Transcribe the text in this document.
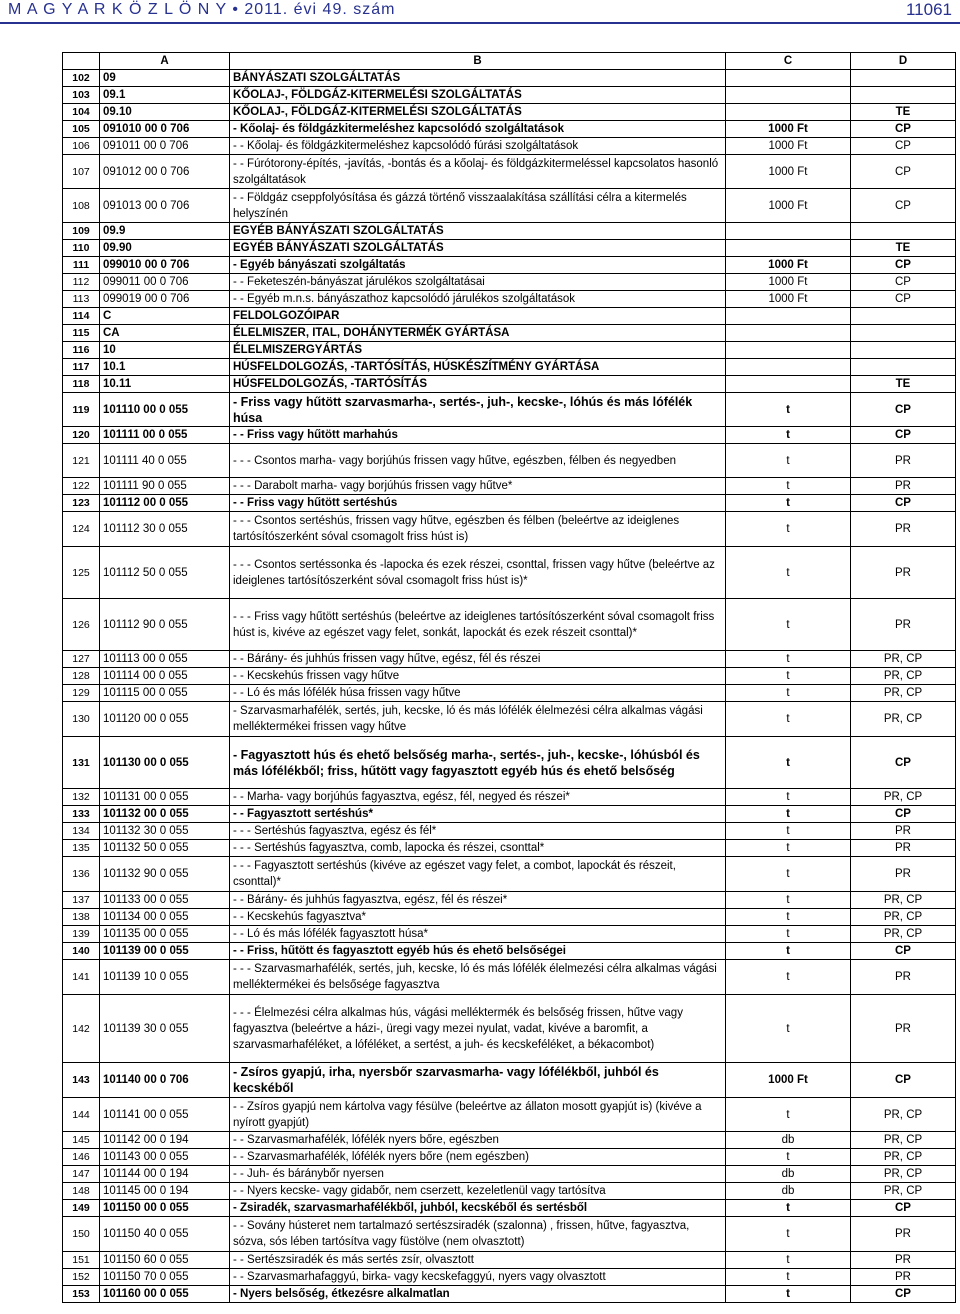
M A G Y A R K Ö Z L Ö N Y • 2011. évi 49. szám	11061
	A	B	C	D
102	09	BÁNYÁSZATI SZOLGÁLTATÁS		
103	09.1	KŐOLAJ-, FÖLDGÁZ-KITERMELÉSI SZOLGÁLTATÁS		
104	09.10	KŐOLAJ-, FÖLDGÁZ-KITERMELÉSI SZOLGÁLTATÁS		TE
105	091010 00 0 706	- Kőolaj- és földgázkitermeléshez kapcsolódó szolgáltatások	1000 Ft	CP
106	091011 00 0 706	- - Kőolaj- és földgázkitermeléshez kapcsolódó fúrási szolgáltatások	1000 Ft	CP
107	091012 00 0 706	- - Fúrótorony-építés, -javítás, -bontás és a kőolaj- és földgázkitermeléssel kapcsolatos hasonló szolgáltatások	1000 Ft	CP
108	091013 00 0 706	- - Földgáz cseppfolyósítása és gázzá történő visszaalakítása szállítási célra a kitermelés helyszínén	1000 Ft	CP
109	09.9	EGYÉB BÁNYÁSZATI SZOLGÁLTATÁS		
110	09.90	EGYÉB BÁNYÁSZATI SZOLGÁLTATÁS		TE
111	099010 00 0 706	- Egyéb bányászati szolgáltatás	1000 Ft	CP
112	099011 00 0 706	- - Feketeszén-bányászat járulékos szolgáltatásai	1000 Ft	CP
113	099019 00 0 706	- - Egyéb m.n.s. bányászathoz kapcsolódó járulékos szolgáltatások	1000 Ft	CP
114	C	FELDOLGOZÓIPAR		
115	CA	ÉLELMISZER, ITAL, DOHÁNYTERMÉK GYÁRTÁSA		
116	10	ÉLELMISZERGYÁRTÁS		
117	10.1	HÚSFELDOLGOZÁS, -TARTÓSÍTÁS, HÚSKÉSZÍTMÉNY GYÁRTÁSA		
118	10.11	HÚSFELDOLGOZÁS, -TARTÓSÍTÁS		TE
119	101110 00 0 055	- Friss vagy hűtött szarvasmarha-, sertés-, juh-, kecske-, lóhús és más lófélék húsa	t	CP
120	101111 00 0 055	- - Friss vagy hűtött marhahús	t	CP
121	101111 40 0 055	- - - Csontos marha- vagy borjúhús frissen vagy hűtve, egészben, félben és negyedben	t	PR
122	101111 90 0 055	- - - Darabolt marha- vagy borjúhús frissen vagy hűtve*	t	PR
123	101112 00 0 055	- - Friss vagy hűtött sertéshús	t	CP
124	101112 30 0 055	- - - Csontos sertéshús, frissen vagy hűtve, egészben és félben (beleértve az ideiglenes tartósítószerként sóval csomagolt friss húst is)	t	PR
125	101112 50 0 055	- - - Csontos sertéssonka és -lapocka és ezek részei, csonttal, frissen vagy hűtve (beleértve az ideiglenes tartósítószerként sóval csomagolt friss húst is)*	t	PR
126	101112 90 0 055	- - - Friss vagy hűtött sertéshús (beleértve az ideiglenes tartósítószerként sóval csomagolt friss húst is, kivéve az egészet vagy felet, sonkát, lapockát és ezek részeit csonttal)*	t	PR
127	101113 00 0 055	- - Bárány- és juhhús frissen vagy hűtve, egész, fél és részei	t	PR, CP
128	101114 00 0 055	- - Kecskehús frissen vagy hűtve	t	PR, CP
129	101115 00 0 055	- - Ló és más lófélék húsa frissen vagy hűtve	t	PR, CP
130	101120 00 0 055	- Szarvasmarhafélék, sertés, juh, kecske, ló és más lófélék élelmezési célra alkalmas vágási melléktermékei frissen vagy hűtve	t	PR, CP
131	101130 00 0 055	- Fagyasztott hús és ehető belsőség marha-, sertés-, juh-, kecske-, lóhúsból és más lófélékből; friss, hűtött vagy fagyasztott egyéb hús és ehető belsőség	t	CP
132	101131 00 0 055	- - Marha- vagy borjúhús fagyasztva, egész, fél, negyed és részei*	t	PR, CP
133	101132 00 0 055	- - Fagyasztott sertéshús*	t	CP
134	101132 30 0 055	- - - Sertéshús fagyasztva, egész és fél*	t	PR
135	101132 50 0 055	- - - Sertéshús fagyasztva, comb, lapocka és részei, csonttal*	t	PR
136	101132 90 0 055	- - - Fagyasztott sertéshús (kivéve az egészet vagy felet, a combot, lapockát és részeit, csonttal)*	t	PR
137	101133 00 0 055	- - Bárány- és juhhús fagyasztva, egész, fél és részei*	t	PR, CP
138	101134 00 0 055	- - Kecskehús fagyasztva*	t	PR, CP
139	101135 00 0 055	- - Ló és más lófélék fagyasztott húsa*	t	PR, CP
140	101139 00 0 055	- - Friss, hűtött és fagyasztott egyéb hús és ehető belsőségei	t	CP
141	101139 10 0 055	- - - Szarvasmarhafélék, sertés, juh, kecske, ló és más lófélék élelmezési célra alkalmas vágási melléktermékei és belsősége fagyasztva	t	PR
142	101139 30 0 055	- - - Élelmezési célra alkalmas hús, vágási melléktermék és belsőség frissen, hűtve vagy fagyasztva (beleértve a házi-, üregi vagy mezei nyulat, vadat, kivéve a baromfit, a szarvasmarhaféléket, a lóféléket, a sertést, a juh- és kecskeféléket, a békacombot)	t	PR
143	101140 00 0 706	- Zsíros gyapjú, irha, nyersbőr szarvasmarha- vagy lófélékből, juhból és kecskéből	1000 Ft	CP
144	101141 00 0 055	- - Zsíros gyapjú nem kártolva vagy fésülve (beleértve az állaton mosott gyapjút is) (kivéve a nyírott gyapjút)	t	PR, CP
145	101142 00 0 194	- - Szarvasmarhafélék, lófélék nyers bőre, egészben	db	PR, CP
146	101143 00 0 055	- - Szarvasmarhafélék, lófélék nyers bőre (nem egészben)	t	PR, CP
147	101144 00 0 194	- - Juh- és báránybőr nyersen	db	PR, CP
148	101145 00 0 194	- - Nyers kecske- vagy gidabőr, nem cserzett, kezeletlenül vagy tartósítva	db	PR, CP
149	101150 00 0 055	- Zsiradék, szarvasmarhafélékből, juhból, kecskéből és sertésből	t	CP
150	101150 40 0 055	- - Sovány hústeret nem tartalmazó sertészsiradék (szalonna) , frissen, hűtve, fagyasztva, sózva, sós lében tartósítva vagy füstölve (nem olvasztott)	t	PR
151	101150 60 0 055	- - Sertészsiradék és más sertés zsír, olvasztott	t	PR
152	101150 70 0 055	- - Szarvasmarhafaggyú, birka- vagy kecskefaggyú, nyers vagy olvasztott	t	PR
153	101160 00 0 055	- Nyers belsőség, étkezésre alkalmatlan	t	CP
